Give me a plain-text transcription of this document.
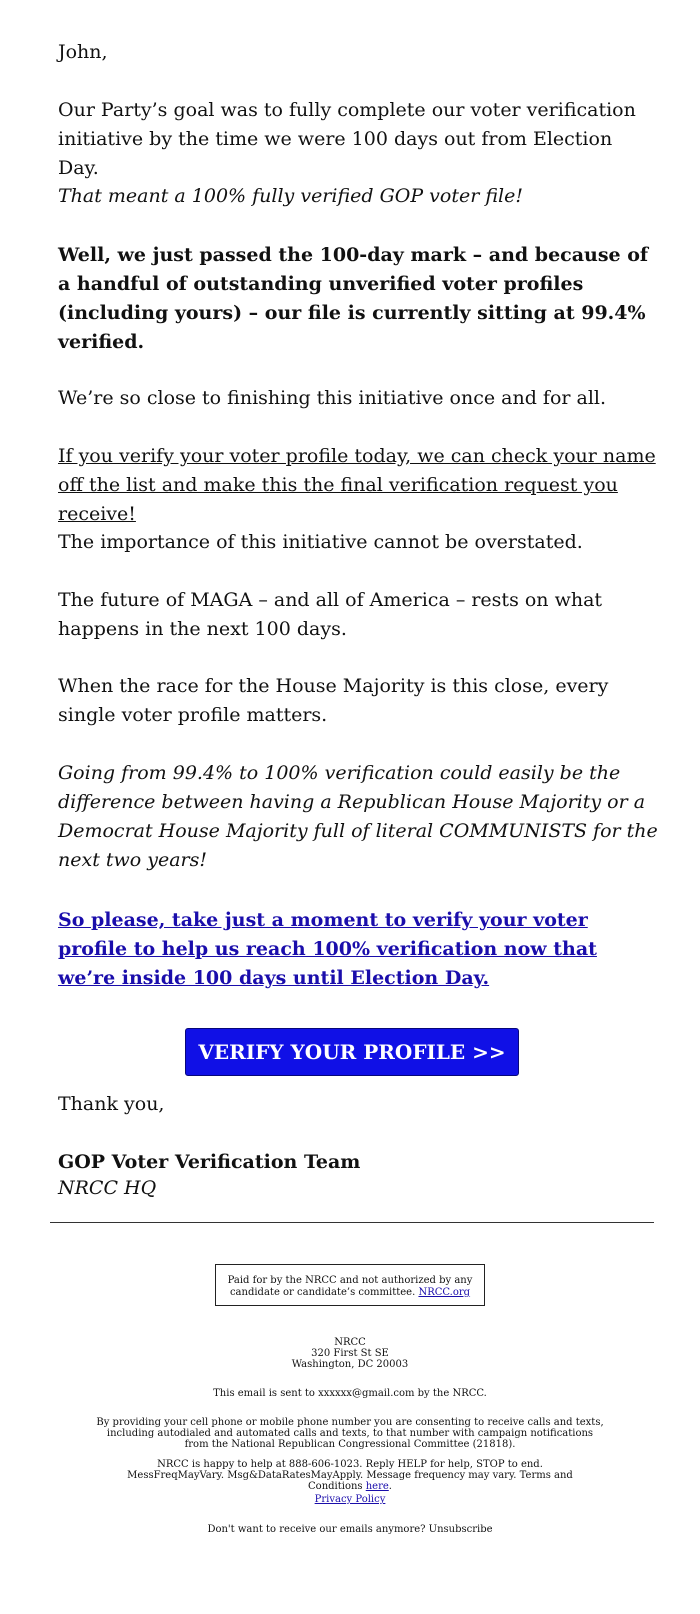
John,

Our Party’s goal was to fully complete our voter verification initiative by the time we were 100 days out from Election Day.

That meant a 100% fully verified GOP voter file!

Well, we just passed the 100-day mark – and because of a handful of outstanding unverified voter profiles (including yours) – our file is currently sitting at 99.4% verified.

We’re so close to finishing this initiative once and for all.

If you verify your voter profile today, we can check your name off the list and make this the final verification request you receive!

The importance of this initiative cannot be overstated.

The future of MAGA – and all of America – rests on what happens in the next 100 days.

When the race for the House Majority is this close, every single voter profile matters.

Going from 99.4% to 100% verification could easily be the difference between having a Republican House Majority or a Democrat House Majority full of literal COMMUNISTS for the next two years!

So please, take just a moment to verify your voter profile to help us reach 100% verification now that we’re inside 100 days until Election Day.

Thank you,

GOP Voter Verification Team

NRCC HQ

VERIFY YOUR PROFILE >>
Paid for by the NRCC and not authorized by any candidate or candidate’s committee. NRCC.org
NRCC
320 First St SE
Washington, DC 20003
This email is sent to xxxxxx@gmail.com by the NRCC.
By providing your cell phone or mobile phone number you are consenting to receive calls and texts, including autodialed and automated calls and texts, to that number with campaign notifications from the National Republican Congressional Committee (21818).
NRCC is happy to help at 888-606-1023. Reply HELP for help, STOP to end. MessFreqMayVary. Msg&DataRatesMayApply. Message frequency may vary. Terms and Conditions here.
Privacy Policy
Don't want to receive our emails anymore? Unsubscribe
